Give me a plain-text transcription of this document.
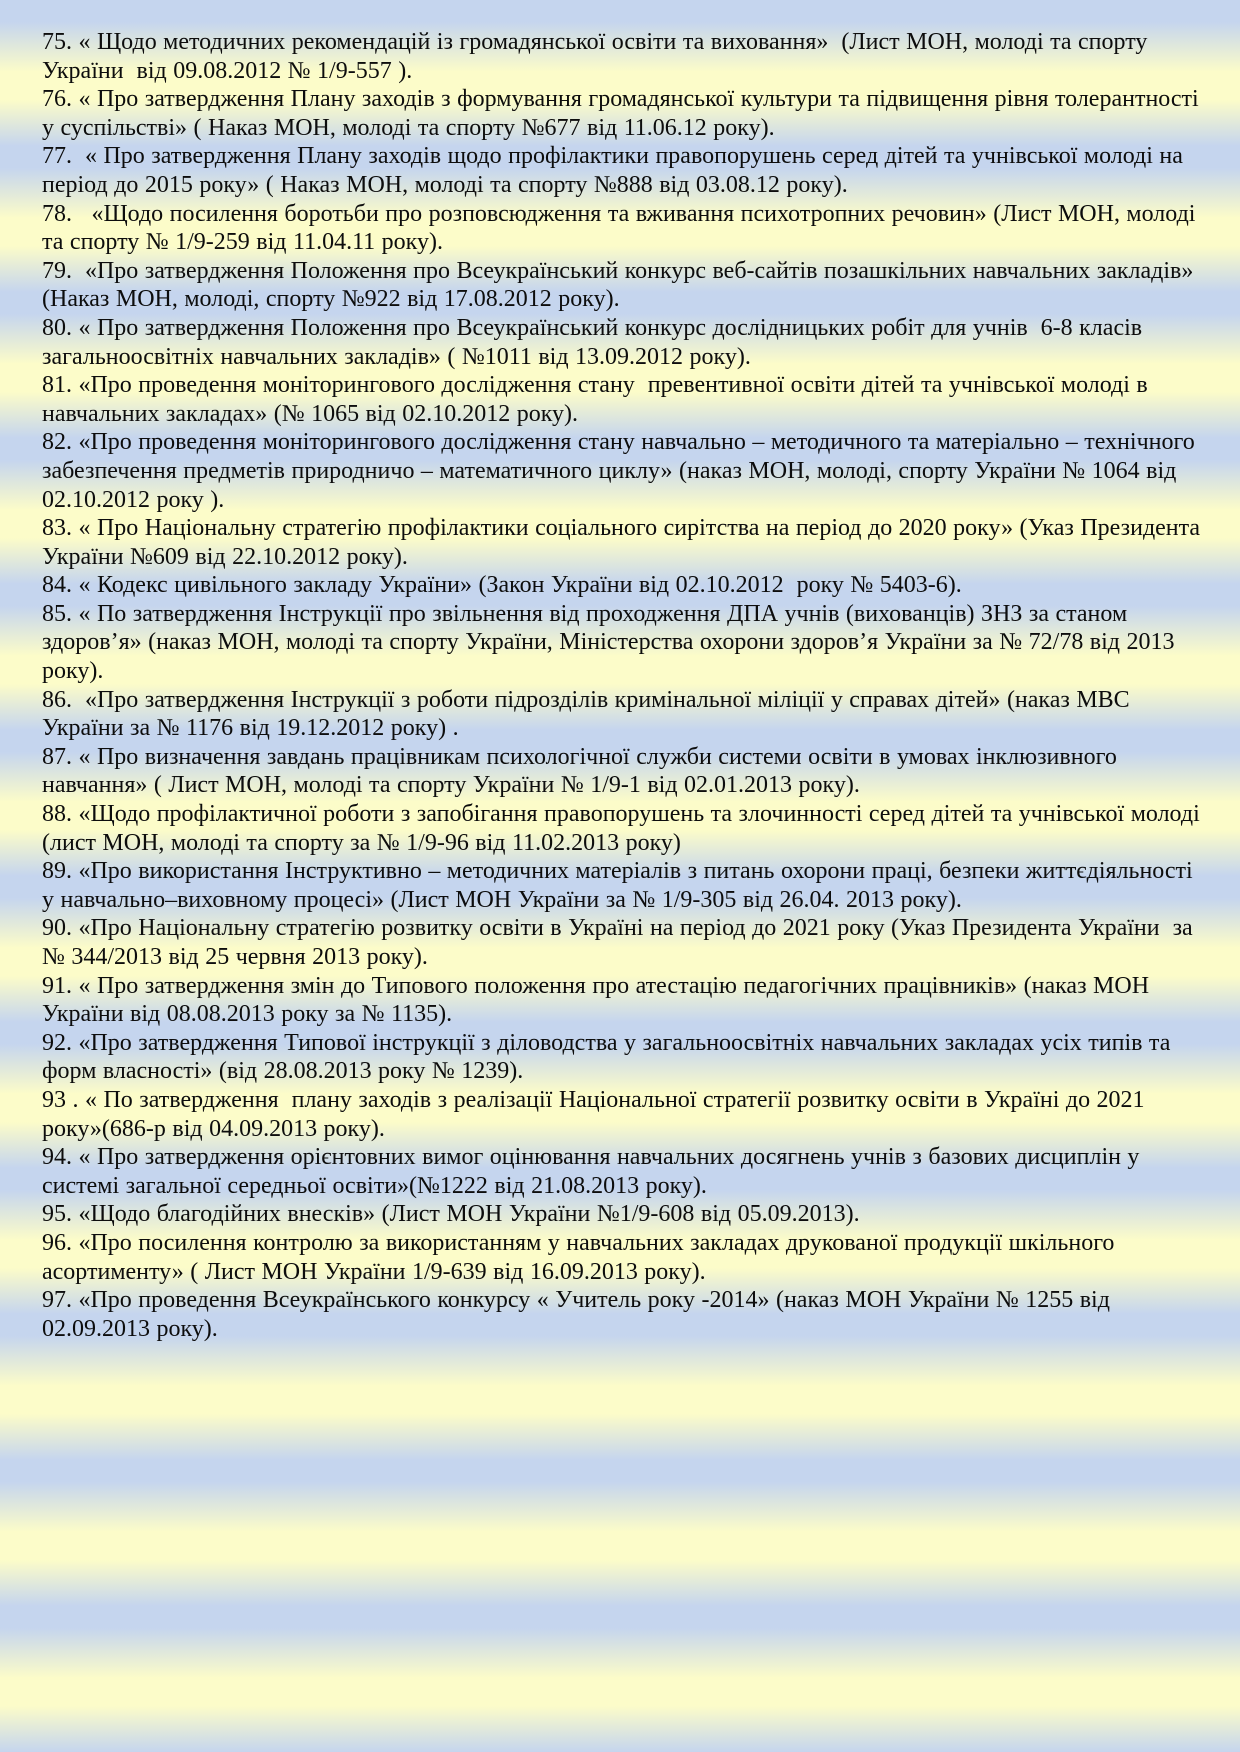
75. « Щодо методичних рекомендацій із громадянської освіти та виховання»  (Лист МОН, молоді та спорту України  від 09.08.2012 № 1/9-557 ).

76. « Про затвердження Плану заходів з формування громадянської культури та підвищення рівня толерантності у суспільстві» ( Наказ МОН, молоді та спорту №677 від 11.06.12 року).

77.  « Про затвердження Плану заходів щодо профілактики правопорушень серед дітей та учнівської молоді на період до 2015 року» ( Наказ МОН, молоді та спорту №888 від 03.08.12 року).

78.   «Щодо посилення боротьби про розповсюдження та вживання психотропних речовин» (Лист МОН, молоді та спорту № 1/9-259 від 11.04.11 року).

79.  «Про затвердження Положення про Всеукраїнський конкурс веб-сайтів позашкільних навчальних закладів» (Наказ МОН, молоді, спорту №922 від 17.08.2012 року).

80. « Про затвердження Положення про Всеукраїнський конкурс дослідницьких робіт для учнів  6-8 класів загальноосвітніх навчальних закладів» ( №1011 від 13.09.2012 року).

81. «Про проведення моніторингового дослідження стану  превентивної освіти дітей та учнівської молоді в навчальних закладах» (№ 1065 від 02.10.2012 року).

82. «Про проведення моніторингового дослідження стану навчально – методичного та матеріально – технічного забезпечення предметів природничо – математичного циклу» (наказ МОН, молоді, спорту України № 1064 від 02.10.2012 року ).

83. « Про Національну стратегію профілактики соціального сирітства на період до 2020 року» (Указ Президента України №609 від 22.10.2012 року).

84. « Кодекс цивільного закладу України» (Закон України від 02.10.2012  року № 5403-6).

85. « По затвердження Інструкції про звільнення від проходження ДПА учнів (вихованців) ЗНЗ за станом здоров’я» (наказ МОН, молоді та спорту України, Міністерства охорони здоров’я України за № 72/78 від 2013 року).

86.  «Про затвердження Інструкції з роботи підрозділів кримінальної міліції у справах дітей» (наказ МВС України за № 1176 від 19.12.2012 року) .

87. « Про визначення завдань працівникам психологічної служби системи освіти в умовах інклюзивного навчання» ( Лист МОН, молоді та спорту України № 1/9-1 від 02.01.2013 року).

88. «Щодо профілактичної роботи з запобігання правопорушень та злочинності серед дітей та учнівської молоді (лист МОН, молоді та спорту за № 1/9-96 від 11.02.2013 року)

89. «Про використання Інструктивно – методичних матеріалів з питань охорони праці, безпеки життєдіяльності у навчально–виховному процесі» (Лист МОН України за № 1/9-305 від 26.04. 2013 року).

90. «Про Національну стратегію розвитку освіти в Україні на період до 2021 року (Указ Президента України  за № 344/2013 від 25 червня 2013 року).

91. « Про затвердження змін до Типового положення про атестацію педагогічних працівників» (наказ МОН України від 08.08.2013 року за № 1135).

92. «Про затвердження Типової інструкції з діловодства у загальноосвітніх навчальних закладах усіх типів та форм власності» (від 28.08.2013 року № 1239).

93 . « По затвердження  плану заходів з реалізації Національної стратегії розвитку освіти в Україні до 2021 року»(686-р від 04.09.2013 року).

94. « Про затвердження орієнтовних вимог оцінювання навчальних досягнень учнів з базових дисциплін у системі загальної середньої освіти»(№1222 від 21.08.2013 року).

95. «Щодо благодійних внесків» (Лист МОН України №1/9-608 від 05.09.2013).

96. «Про посилення контролю за використанням у навчальних закладах друкованої продукції шкільного асортименту» ( Лист МОН України 1/9-639 від 16.09.2013 року).

97. «Про проведення Всеукраїнського конкурсу « Учитель року -2014» (наказ МОН України № 1255 від 02.09.2013 року).
